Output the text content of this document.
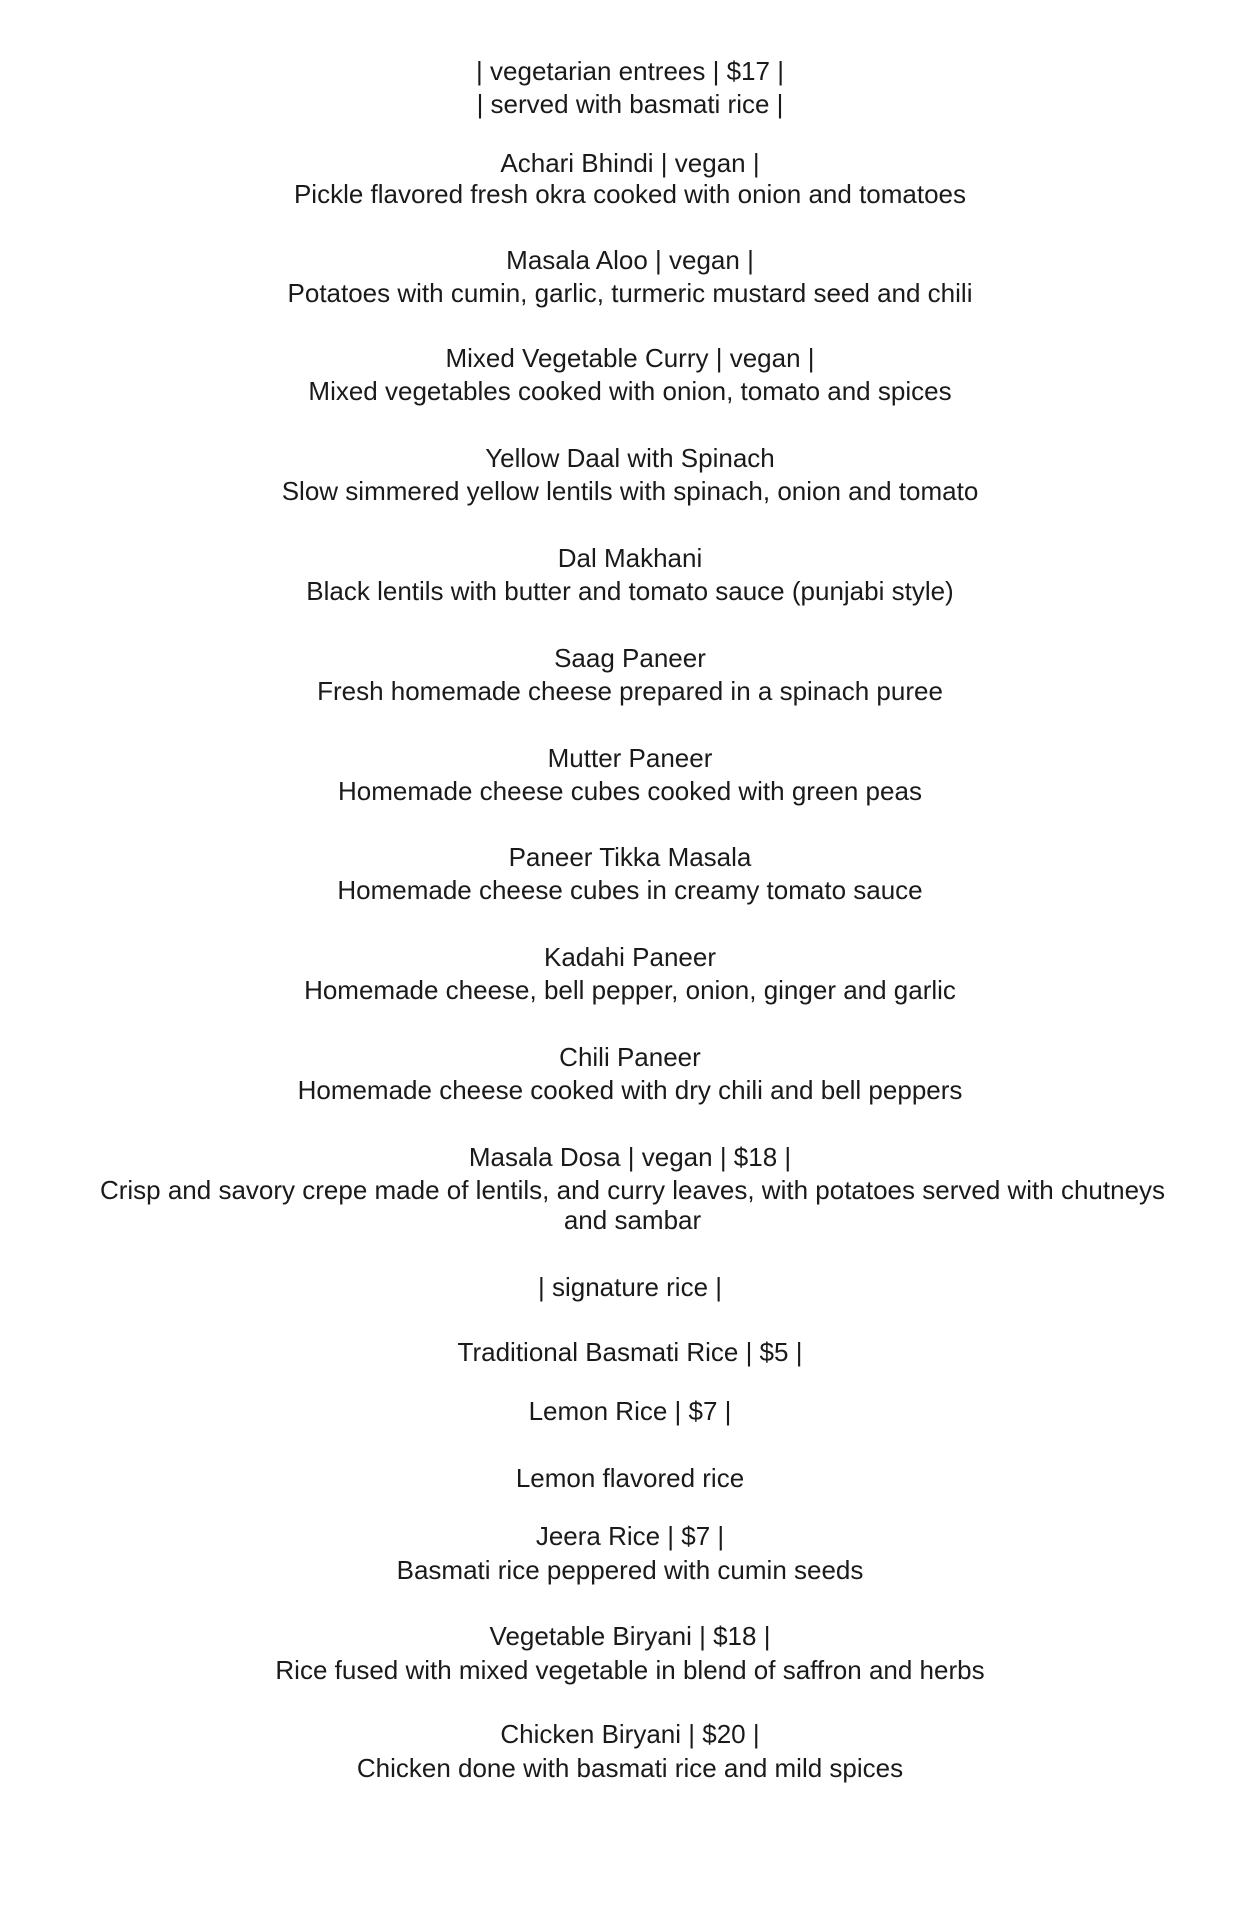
| vegetarian entrees | $17 |
| served with basmati rice |
Achari Bhindi | vegan |
Pickle flavored fresh okra cooked with onion and tomatoes
Masala Aloo | vegan |
Potatoes with cumin, garlic, turmeric mustard seed and chili
Mixed Vegetable Curry | vegan |
Mixed vegetables cooked with onion, tomato and spices
Yellow Daal with Spinach
Slow simmered yellow lentils with spinach, onion and tomato
Dal Makhani
Black lentils with butter and tomato sauce (punjabi style)
Saag Paneer
Fresh homemade cheese prepared in a spinach puree
Mutter Paneer
Homemade cheese cubes cooked with green peas
Paneer Tikka Masala
Homemade cheese cubes in creamy tomato sauce
Kadahi Paneer
Homemade cheese, bell pepper, onion, ginger and garlic
Chili Paneer
Homemade cheese cooked with dry chili and bell peppers
Masala Dosa | vegan | $18 |
Crisp and savory crepe made of lentils, and curry leaves, with potatoes served with chutneys and sambar
| signature rice |
Traditional Basmati Rice | $5 |
Lemon Rice | $7 |
Lemon flavored rice
Jeera Rice | $7 |
Basmati rice peppered with cumin seeds
Vegetable Biryani | $18 |
Rice fused with mixed vegetable in blend of saffron and herbs
Chicken Biryani | $20 |
Chicken done with basmati rice and mild spices
